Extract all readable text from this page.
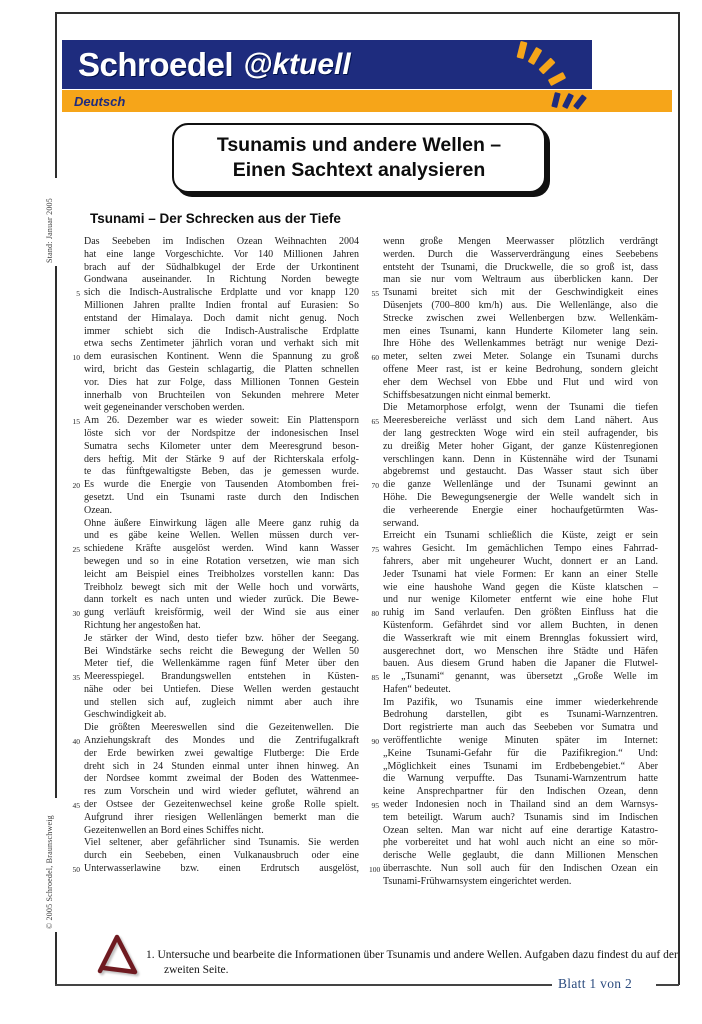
Stand: Januar 2005
© 2005 Schroedel, Braunschweig
Schroedel @ktuell
Deutsch
Tsunamis und andere Wellen –
Einen Sachtext analysieren
Tsunami – Der Schrecken aus der Tiefe
Das Seebeben im Indischen Ozean Weihnachten 2004
hat eine lange Vorgeschichte. Vor 140 Millionen Jahren
brach auf der Südhalbkugel der Erde der Urkontinent
Gondwana auseinander. In Richtung Norden bewegte
5 sich die Indisch-Australische Erdplatte und vor knapp 120
Millionen Jahren prallte Indien frontal auf Eurasien: So
entstand der Himalaya. Doch damit nicht genug. Noch
immer schiebt sich die Indisch-Australische Erdplatte
etwa sechs Zentimeter jährlich voran und verhakt sich mit
10 dem eurasischen Kontinent. Wenn die Spannung zu groß
wird, bricht das Gestein schlagartig, die Platten schnellen
vor. Dies hat zur Folge, dass Millionen Tonnen Gestein
innerhalb von Bruchteilen von Sekunden mehrere Meter
weit gegeneinander verschoben werden.
15 Am 26. Dezember war es wieder soweit: Ein Plattensporn
löste sich vor der Nordspitze der indonesischen Insel
Sumatra sechs Kilometer unter dem Meeresgrund beson-
ders heftig. Mit der Stärke 9 auf der Richterskala erfolg-
te das fünftgewaltigste Beben, das je gemessen wurde.
20 Es wurde die Energie von Tausenden Atombomben frei-
gesetzt. Und ein Tsunami raste durch den Indischen
Ozean.
Ohne äußere Einwirkung lägen alle Meere ganz ruhig da
und es gäbe keine Wellen. Wellen müssen durch ver-
25 schiedene Kräfte ausgelöst werden. Wind kann Wasser
bewegen und so in eine Rotation versetzen, wie man sich
leicht am Beispiel eines Treibholzes vorstellen kann: Das
Treibholz bewegt sich mit der Welle hoch und vorwärts,
dann torkelt es nach unten und wieder zurück. Die Bewe-
30 gung verläuft kreisförmig, weil der Wind sie aus einer
Richtung her angestoßen hat.
Je stärker der Wind, desto tiefer bzw. höher der Seegang.
Bei Windstärke sechs reicht die Bewegung der Wellen 50
Meter tief, die Wellenkämme ragen fünf Meter über den
35 Meeresspiegel. Brandungswellen entstehen in Küsten-
nähe oder bei Untiefen. Diese Wellen werden gestaucht
und stellen sich auf, zugleich nimmt aber auch ihre
Geschwindigkeit ab.
Die größten Meereswellen sind die Gezeitenwellen. Die
40 Anziehungskraft des Mondes und die Zentrifugalkraft
der Erde bewirken zwei gewaltige Flutberge: Die Erde
dreht sich in 24 Stunden einmal unter ihnen hinweg. An
der Nordsee kommt zweimal der Boden des Wattenmee-
res zum Vorschein und wird wieder geflutet, während an
45 der Ostsee der Gezeitenwechsel keine große Rolle spielt.
Aufgrund ihrer riesigen Wellenlängen bemerkt man die
Gezeitenwellen an Bord eines Schiffes nicht.
Viel seltener, aber gefährlicher sind Tsunamis. Sie werden
durch ein Seebeben, einen Vulkanausbruch oder eine
50 Unterwasserlawine bzw. einen Erdrutsch ausgelöst,
wenn große Mengen Meerwasser plötzlich verdrängt
werden. Durch die Wasserverdrängung eines Seebebens
entsteht der Tsunami, die Druckwelle, die so groß ist, dass
man sie nur vom Weltraum aus überblicken kann. Der
55 Tsunami breitet sich mit der Geschwindigkeit eines
Düsenjets (700–800 km/h) aus. Die Wellenlänge, also die
Strecke zwischen zwei Wellenbergen bzw. Wellenkäm-
men eines Tsunami, kann Hunderte Kilometer lang sein.
Ihre Höhe des Wellenkammes beträgt nur wenige Dezi-
60 meter, selten zwei Meter. Solange ein Tsunami durchs
offene Meer rast, ist er keine Bedrohung, sondern gleicht
eher dem Wechsel von Ebbe und Flut und wird von
Schiffsbesatzungen nicht einmal bemerkt.
Die Metamorphose erfolgt, wenn der Tsunami die tiefen
65 Meeresbereiche verlässt und sich dem Land nähert. Aus
der lang gestreckten Woge wird ein steil aufragender, bis
zu dreißig Meter hoher Gigant, der ganze Küstenregionen
verschlingen kann. Denn in Küstennähe wird der Tsunami
abgebremst und gestaucht. Das Wasser staut sich über
70 die ganze Wellenlänge und der Tsunami gewinnt an
Höhe. Die Bewegungsenergie der Welle wandelt sich in
die verheerende Energie einer hochaufgetürmten Was-
serwand.
Erreicht ein Tsunami schließlich die Küste, zeigt er sein
75 wahres Gesicht. Im gemächlichen Tempo eines Fahrrad-
fahrers, aber mit ungeheurer Wucht, donnert er an Land.
Jeder Tsunami hat viele Formen: Er kann an einer Stelle
wie eine haushohe Wand gegen die Küste klatschen –
und nur wenige Kilometer entfernt wie eine hohe Flut
80 ruhig im Sand verlaufen. Den größten Einfluss hat die
Küstenform. Gefährdet sind vor allem Buchten, in denen
die Wasserkraft wie mit einem Brennglas fokussiert wird,
ausgerechnet dort, wo Menschen ihre Städte und Häfen
bauen. Aus diesem Grund haben die Japaner die Flutwel-
85 le „Tsunami“ genannt, was übersetzt „Große Welle im
Hafen“ bedeutet.
Im Pazifik, wo Tsunamis eine immer wiederkehrende
Bedrohung darstellen, gibt es Tsunami-Warnzentren.
Dort registrierte man auch das Seebeben vor Sumatra und
90 veröffentlichte wenige Minuten später im Internet:
„Keine Tsunami-Gefahr für die Pazifikregion.“ Und:
„Möglichkeit eines Tsunami im Erdbebengebiet.“ Aber
die Warnung verpuffte. Das Tsunami-Warnzentrum hatte
keine Ansprechpartner für den Indischen Ozean, denn
95 weder Indonesien noch in Thailand sind an dem Warnsys-
tem beteiligt. Warum auch? Tsunamis sind im Indischen
Ozean selten. Man war nicht auf eine derartige Katastro-
phe vorbereitet und hat wohl auch nicht an eine so mör-
derische Welle geglaubt, die dann Millionen Menschen
100 überraschte. Nun soll auch für den Indischen Ozean ein
Tsunami-Frühwarnsystem eingerichtet werden.

1. Untersuche und bearbeite die Informationen über Tsunamis und andere Wellen. Aufgaben dazu findest du auf der zweiten Seite.

Blatt 1 von 2
